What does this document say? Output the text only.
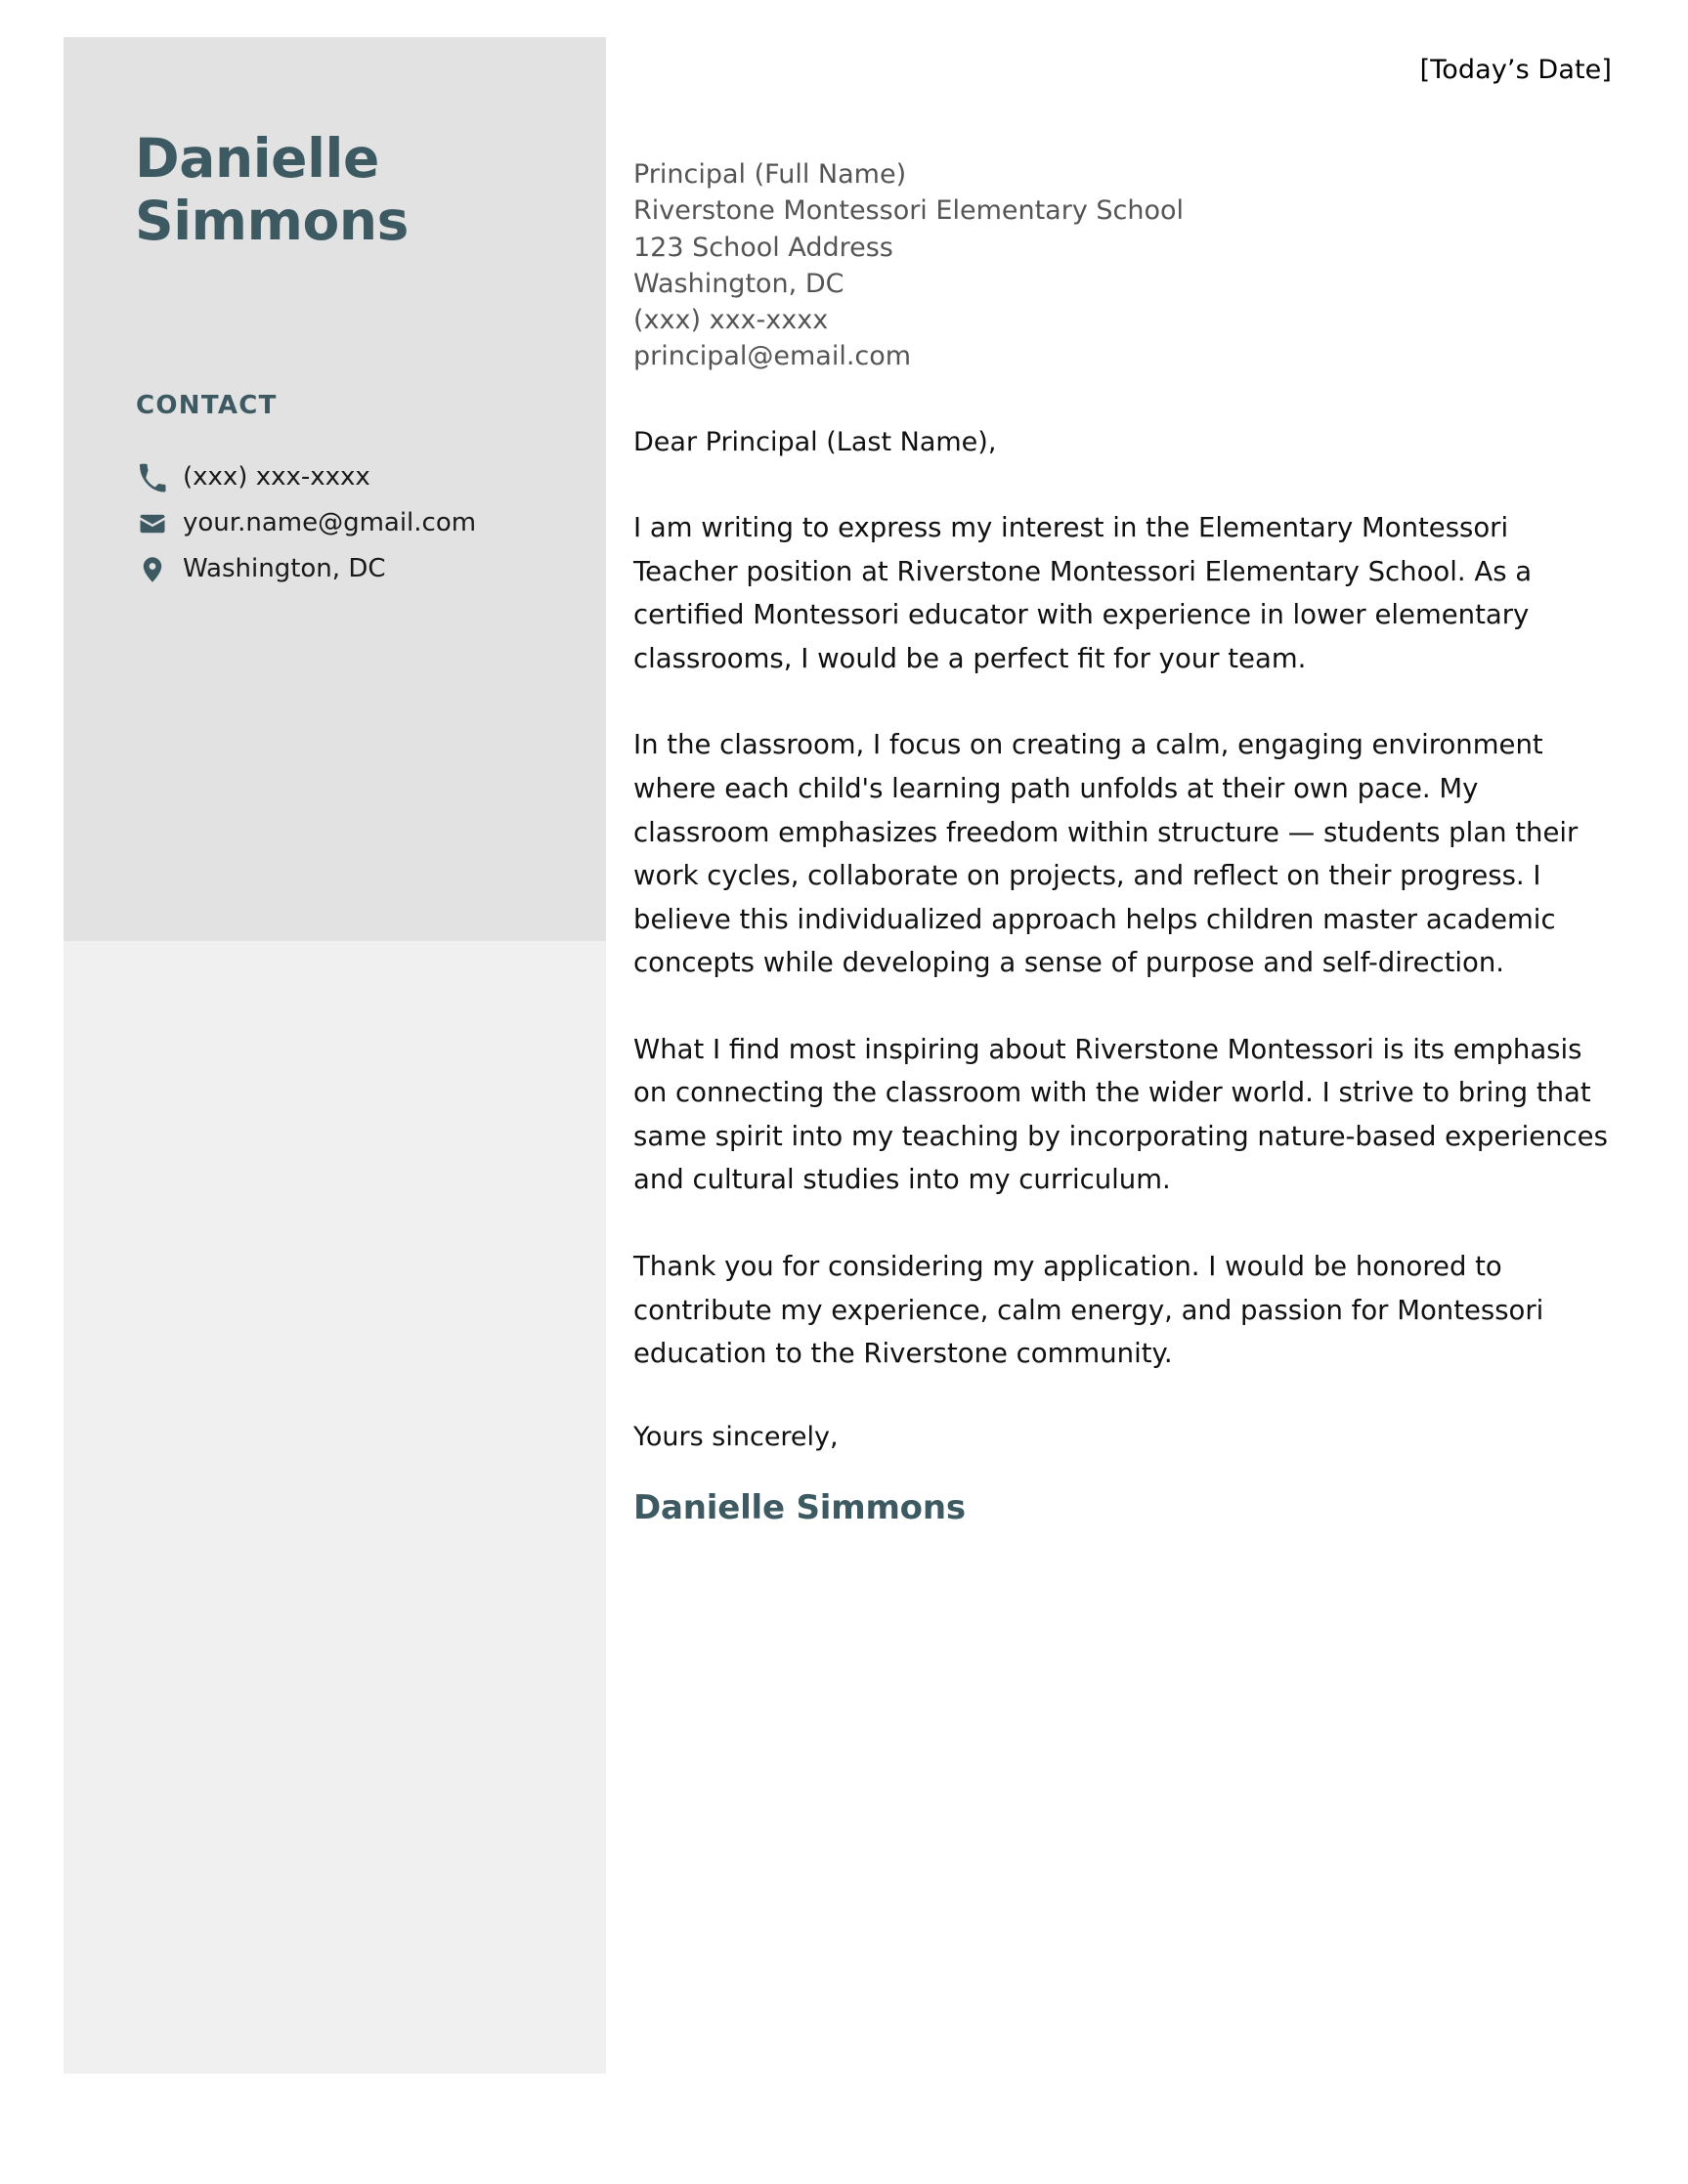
[Today’s Date]
Danielle Simmons
CONTACT
(xxx) xxx-xxxx
your.name@gmail.com
Washington, DC
Principal (Full Name)
Riverstone Montessori Elementary School
123 School Address
Washington, DC
(xxx) xxx-xxxx
principal@email.com
Dear Principal (Last Name),

I am writing to express my interest in the Elementary Montessori Teacher position at Riverstone Montessori Elementary School. As a certified Montessori educator with experience in lower elementary classrooms, I would be a perfect fit for your team.

In the classroom, I focus on creating a calm, engaging environment where each child's learning path unfolds at their own pace. My classroom emphasizes freedom within structure — students plan their work cycles, collaborate on projects, and reflect on their progress. I believe this individualized approach helps children master academic concepts while developing a sense of purpose and self-direction.

What I find most inspiring about Riverstone Montessori is its emphasis on connecting the classroom with the wider world. I strive to bring that same spirit into my teaching by incorporating nature-based experiences and cultural studies into my curriculum.

Thank you for considering my application. I would be honored to contribute my experience, calm energy, and passion for Montessori education to the Riverstone community.

Yours sincerely,
Danielle Simmons
